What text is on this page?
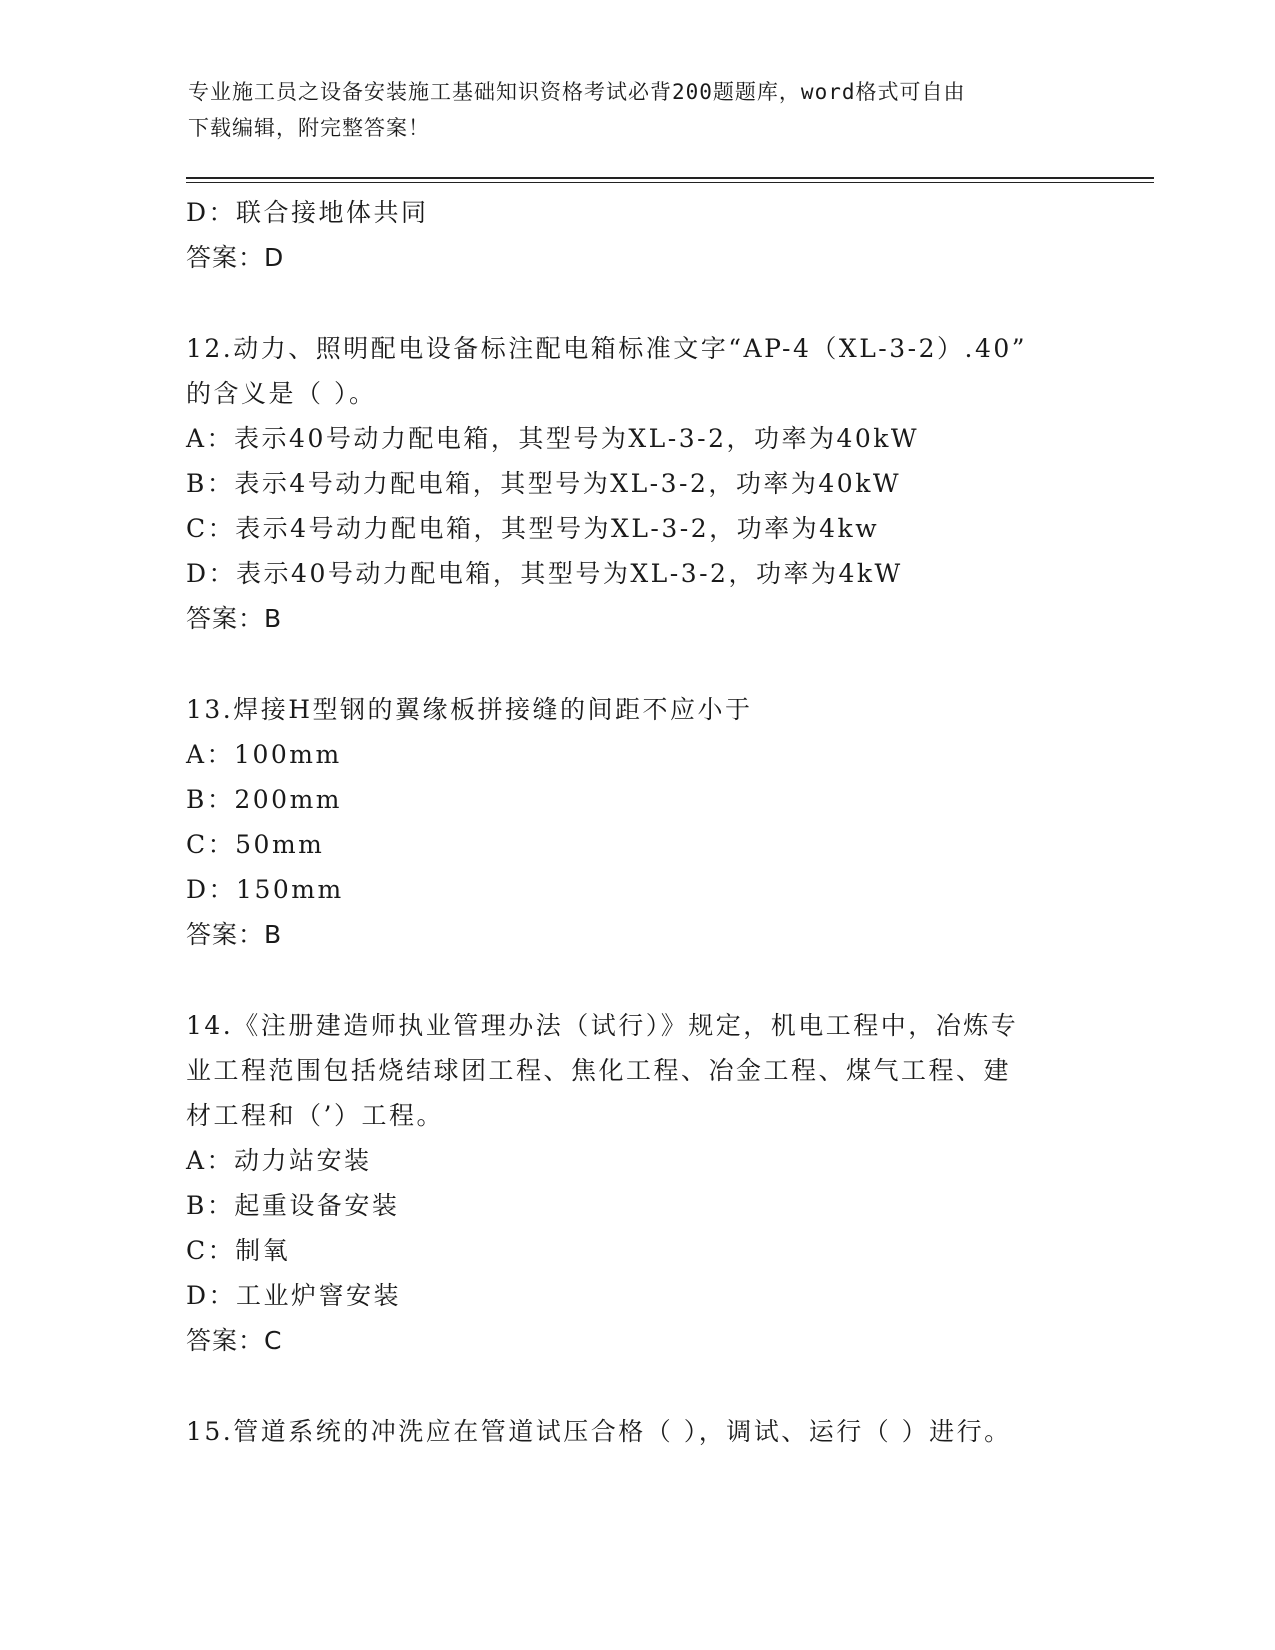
专业施工员之设备安装施工基础知识资格考试必背200题题库，word格式可自由
下载编辑，附完整答案！
D：联合接地体共同
答案：D
12.动力、照明配电设备标注配电箱标准文字“AP-4（XL-3-2）.40”
的含义是（ ）。
A：表示40号动力配电箱，其型号为XL-3-2，功率为40kW
B：表示4号动力配电箱，其型号为XL-3-2，功率为40kW
C：表示4号动力配电箱，其型号为XL-3-2，功率为4kw
D：表示40号动力配电箱，其型号为XL-3-2，功率为4kW
答案：B
13.焊接H型钢的翼缘板拼接缝的间距不应小于
A：100mm
B：200mm
C：50mm
D：150mm
答案：B
14.《注册建造师执业管理办法（试行）》规定，机电工程中，冶炼专
业工程范围包括烧结球团工程、焦化工程、冶金工程、煤气工程、建
材工程和（’）工程。
A：动力站安装
B：起重设备安装
C：制氧
D：工业炉窨安装
答案：C
15.管道系统的冲洗应在管道试压合格（ ），调试、运行（ ）进行。
